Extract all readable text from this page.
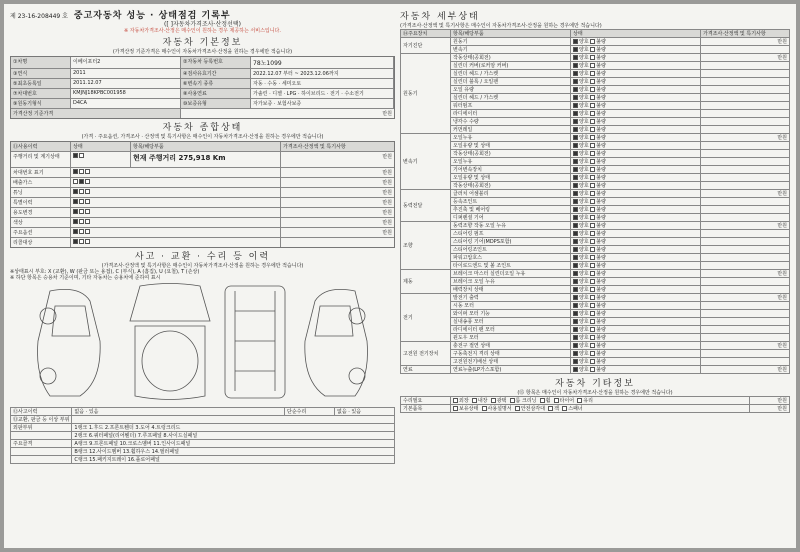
제 23-16-208449 호 중고자동차 성능 · 상태점검 기록부
([ ]자동차가격조사·산정선택)
※ 자동차가격조사·산정은 매수인이 원하는 경우 제공하는 서비스입니다.
자동차 기본정보
(가격산정 기준가격은 매수인이 자동차가격조사·산정을 원하는 경우에만 적습니다)
①차명	이베이포터2	②자동차 등록번호	78노1099
③연식	2011	④검사유효기간	2022.12.07 부터 ~ 2023.12.06까지
⑤최초등록일	2011.12.07	⑥변속기 종류	자동 · 수동 · 세미오토
⑦차대번호	KMJNJ18KPBC001958	⑧사용연료	가솔린 · 디젤 · LPG · 하이브리드 · 전기 · 수소전기
⑨원동기형식	D4CA	⑩보증유형	자가보증 · 보험사보증
가격산정 기준가격	만원
자동차 종합상태
(가격 · 주요옵션, 가격조사 · 산정액 및 특기사항은 매수인이 자동차가격조사·산정을 원하는 경우에만 적습니다)
⑪사용이력	상태	항목/해당부품	가격조사·산정액 및 특기사항
주행거리 및 계기상태	현재 주행거리 275,918 Km	만원
차대번호 표기	만원
배출가스	만원
튜닝	만원
특별이력	만원
용도변경	만원
색상	만원
주요옵션	만원
리콜대상
사고 · 교환 · 수리 등 이력
(가격조사·산정액 및 특기사항은 매수인이 자동차가격조사·산정을 원하는 경우에만 적습니다)
※상태표시 부호: X (교환), W (판금 또는 용접), C (부식), A (흠집), U (요철), T (손상)
※ 하단 항목은 승용차 기준이며, 기타 자동차는 승용차에 준하여 표시
⑫사고이력	없음 · 있음	단순수리	없음 · 있음
⑬교환, 판금 등 이상 부위			
외판부위	1랭크 1.후드 2.프론트휀더 3.도어 4.트렁크리드		
	2랭크 6.쿼터패널(리어휀더) 7.루프패널 8.사이드실패널		
주요골격	A랭크 9.프론트패널 10.크로스멤버 11.인사이드패널		
	B랭크 12.사이드멤버 13.휠하우스 14.필러패널		
	C랭크 15.패키지트레이 16.플로어패널		
자동차 세부상태
(가격조사·산정액 및 특기사항은 매수인이 자동차가격조사·산정을 원하는 경우에만 적습니다)
⑭주요장치	항목/해당부품	상태	가격조사·산정액 및 특기사항
자기진단	원동기	양호 불량	만원
	변속기	양호 불량	
원동기	작동상태(공회전)	양호 불량	만원
	실린더 커버(로커암 커버)	양호 불량	
	실린더 헤드 / 가스켓	양호 불량	
	실린더 블록 / 오일팬	양호 불량	
	오일 유량	양호 불량	
	실린더 헤드 / 가스켓	양호 불량	
	워터펌프	양호 불량	
	라디에이터	양호 불량	
	냉각수 수량	양호 불량	
	커먼레일	양호 불량	
변속기	오일누유	양호 불량	만원
	오일유량 및 상태	양호 불량	
	작동상태(공회전)	양호 불량	
	오일누유	양호 불량	
	기어변속장치	양호 불량	
	오일유량 및 상태	양호 불량	
	작동상태(공회전)	양호 불량	
동력전달	클러치 어셈블리	양호 불량	만원
	등속조인트	양호 불량	
	추진축 및 베어링	양호 불량	
	디퍼렌셜 기어	양호 불량	
조향	동력조향 작동 오일 누유	양호 불량	만원
	스티어링 펌프	양호 불량	
	스티어링 기어(MDPS포함)	양호 불량	
	스티어링조인트	양호 불량	
	파워고압호스	양호 불량	
	타이로드엔드 및 볼 조인트	양호 불량	
제동	브레이크 마스터 실린더오일 누유	양호 불량	만원
	브레이크 오일 누유	양호 불량	
	배력장치 상태	양호 불량	
전기	발전기 출력	양호 불량	만원
	시동 모터	양호 불량	
	와이퍼 모터 기능	양호 불량	
	실내송풍 모터	양호 불량	
	라디에이터 팬 모터	양호 불량	
	윈도우 모터	양호 불량	
고전원 전기장치	충전구 절연 상태	양호 불량	만원
	구동축전지 격리 상태	양호 불량	
	고전원전기배선 상태	양호 불량	
연료	연료누출(LP가스포함)	양호 불량	만원
자동차 기타정보
(⑮ 항목은 매수인이 자동차가격조사·산정을 원하는 경우에만 적습니다)
수리필요	외장  내장  광택  룸 크리닝  휠  타이어  유리	만원
기본품목	보유상태  사용설명서  안전삼각대  잭  스패너	만원
